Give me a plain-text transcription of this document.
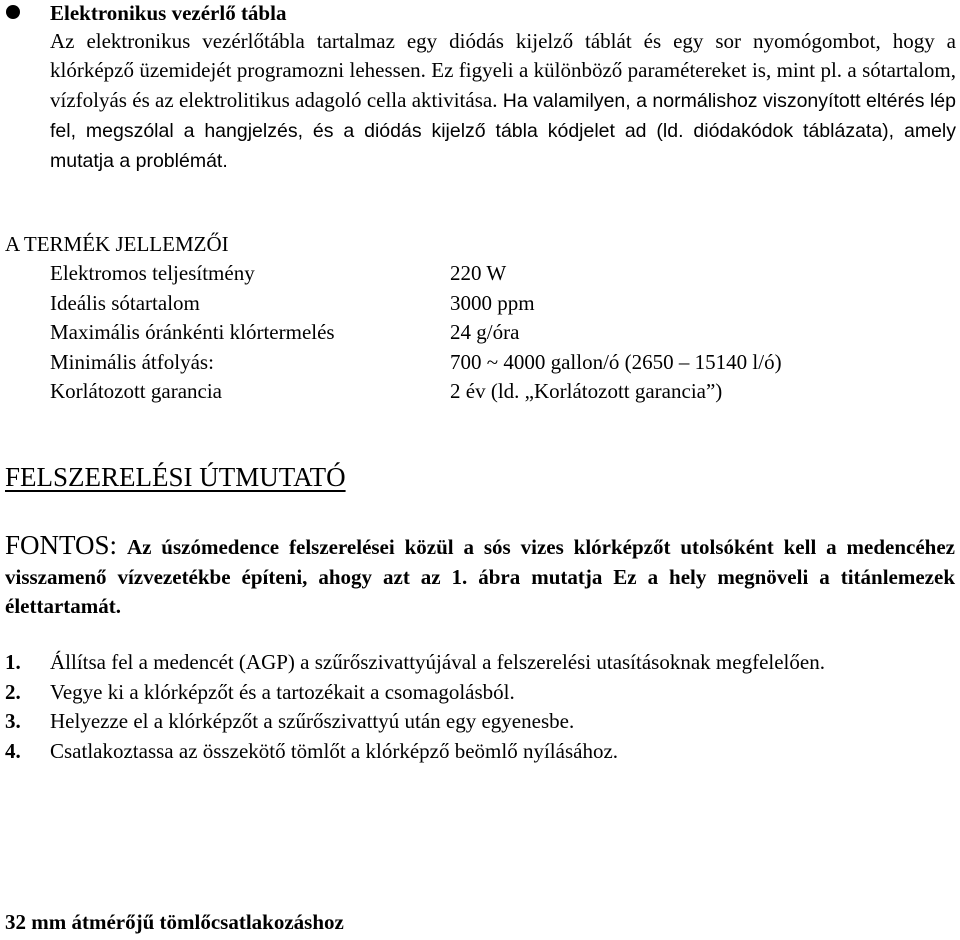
Elektronikus vezérlő tábla

Az elektronikus vezérlőtábla tartalmaz egy diódás kijelző táblát és egy sor nyomógombot, hogy a klórképző üzemidejét programozni lehessen. Ez figyeli a különböző paramétereket is, mint pl. a sótartalom, vízfolyás és az elektrolitikus adagoló cella aktivitása. Ha valamilyen, a normálishoz viszonyított eltérés lép fel, megszólal a hangjelzés, és a diódás kijelző tábla kódjelet ad (ld. diódakódok táblázata), amely mutatja a problémát.

A TERMÉK JELLEMZŐI
Elektromos teljesítmény	220 W
Ideális sótartalom	3000 ppm
Maximális óránkénti klórtermelés	24 g/óra
Minimális átfolyás:	700 ~ 4000 gallon/ó (2650 – 15140 l/ó)
Korlátozott garancia	2 év (ld. „Korlátozott garancia”)
FELSZERELÉSI ÚTMUTATÓ

FONTOS: Az úszómedence felszerelései közül a sós vizes klórképzőt utolsóként kell a medencéhez visszamenő vízvezetékbe építeni, ahogy azt az 1. ábra mutatja Ez a hely megnöveli a titánlemezek élettartamát.

1. Állítsa fel a medencét (AGP) a szűrőszivattyújával a felszerelési utasításoknak megfelelően.

2. Vegye ki a klórképzőt és a tartozékait a csomagolásból.

3. Helyezze el a klórképzőt a szűrőszivattyú után egy egyenesbe.

4. Csatlakoztassa az összekötő tömlőt a klórképző beömlő nyílásához.

32 mm átmérőjű tömlőcsatlakozáshoz
